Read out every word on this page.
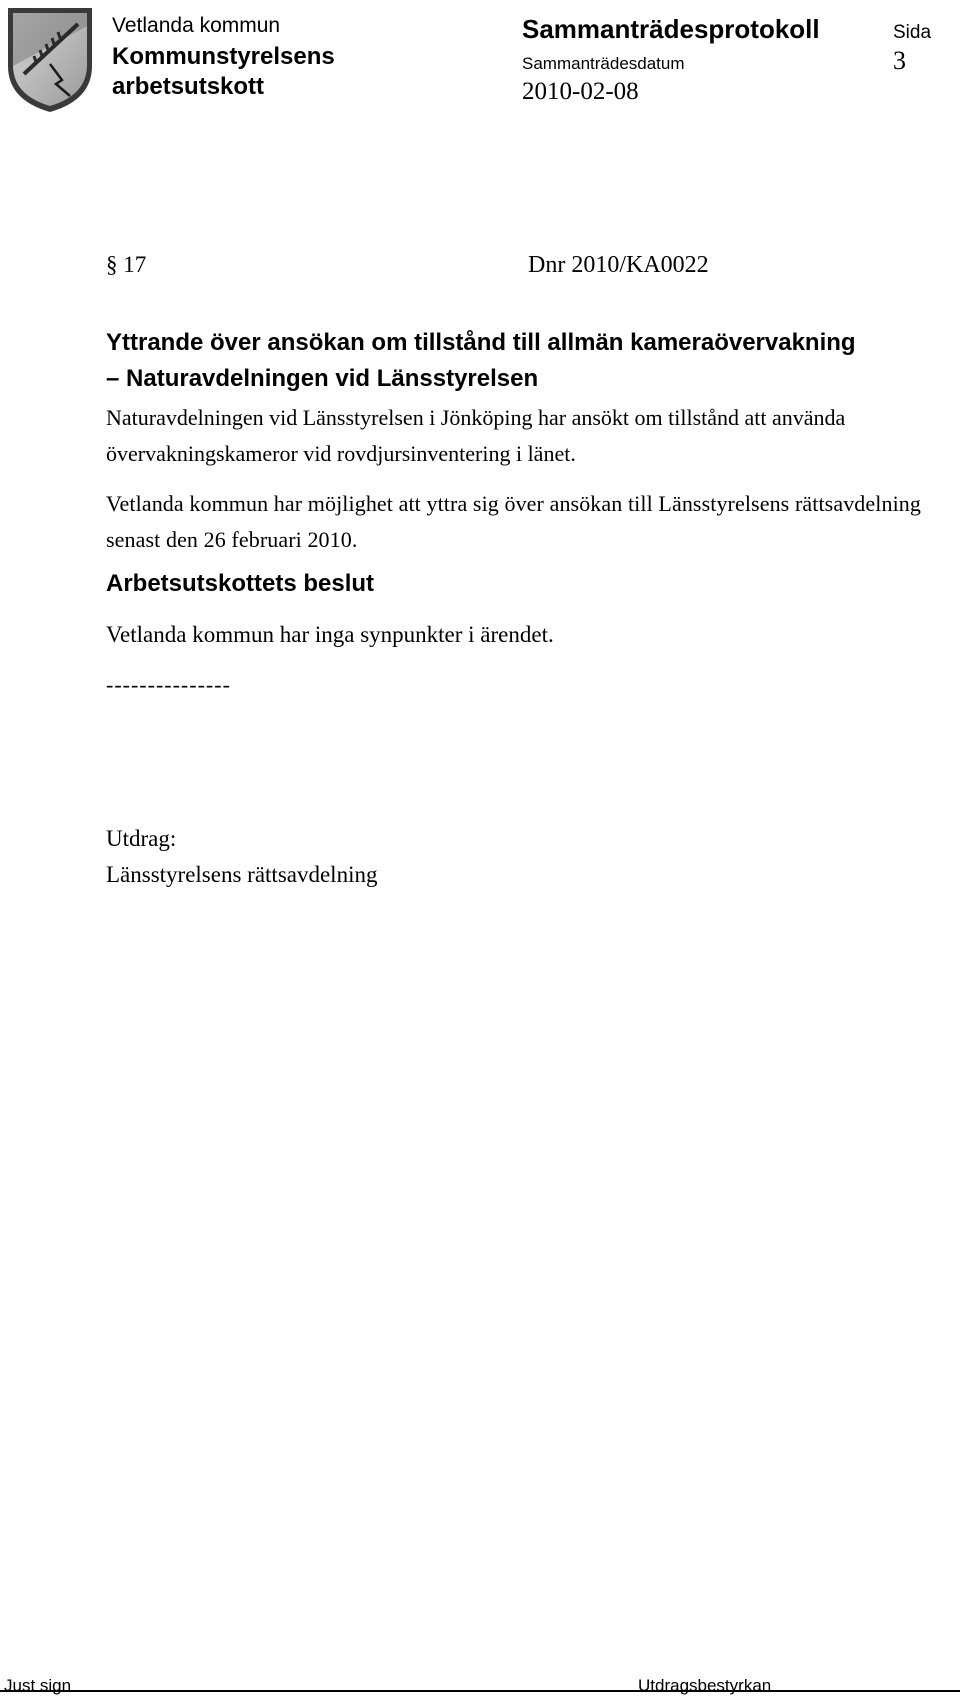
Vetlanda kommun
Kommunstyrelsens
arbetsutskott
Sammanträdesprotokoll	Sida
3
Sammanträdesdatum
2010-02-08
§ 17	Dnr 2010/KA0022
Yttrande över ansökan om tillstånd till allmän kameraövervakning
– Naturavdelningen vid Länsstyrelsen
Naturavdelningen vid Länsstyrelsen i Jönköping har ansökt om tillstånd att använda övervakningskameror vid rovdjursinventering i länet.
Vetlanda kommun har möjlighet att yttra sig över ansökan till Länsstyrelsens rättsavdelning senast den 26 februari 2010.
Arbetsutskottets beslut
Vetlanda kommun har inga synpunkter i ärendet.
---------------
Utdrag:
Länsstyrelsens rättsavdelning
Just sign	Utdragsbestyrkan
